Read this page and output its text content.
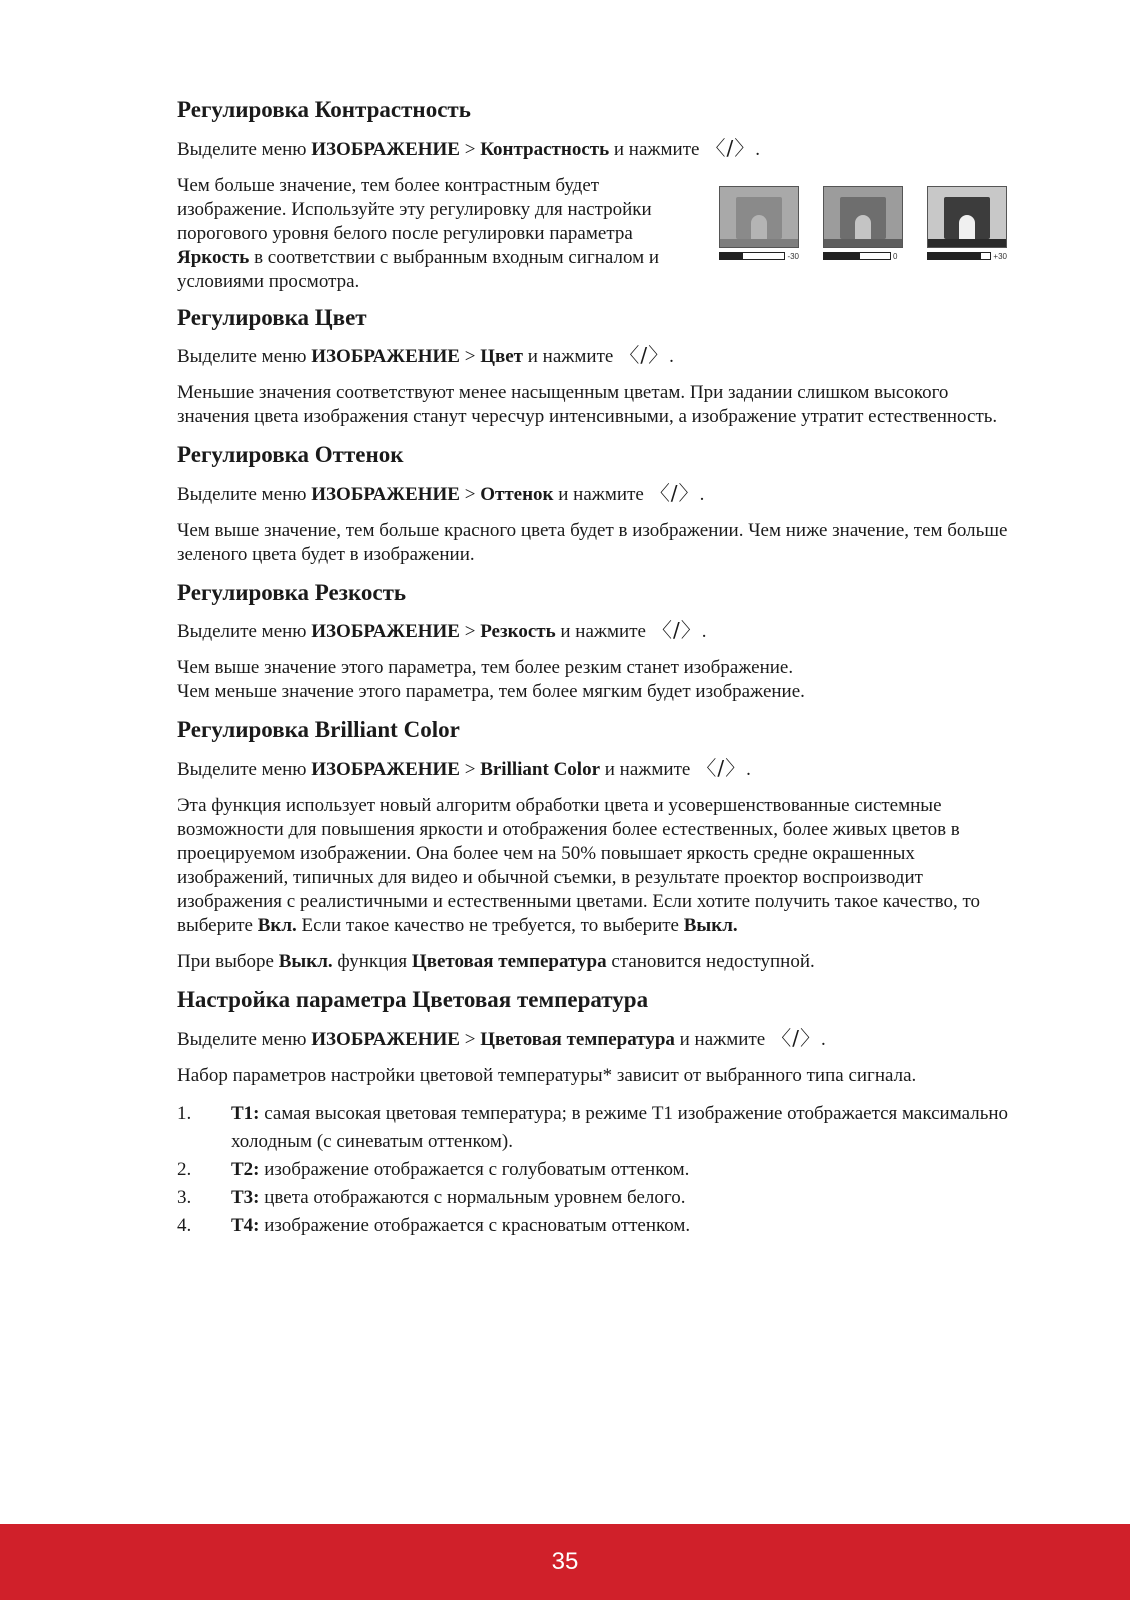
Регулировка Контрастность
Выделите меню ИЗОБРАЖЕНИЕ > Контрастность и нажмите 〈/〉.

Чем больше значение, тем более контрастным будет изображение. Используйте эту регулировку для настройки порогового уровня белого после регулировки параметра Яркость в соответствии с выбранным входным сигналом и условиями просмотра.

-30	0	+30
Регулировка Цвет
Выделите меню ИЗОБРАЖЕНИЕ > Цвет и нажмите 〈/〉.

Меньшие значения соответствуют менее насыщенным цветам. При задании слишком высокого значения цвета изображения станут чересчур интенсивными, а изображение утратит естественность.

Регулировка Оттенок
Выделите меню ИЗОБРАЖЕНИЕ > Оттенок и нажмите 〈/〉.

Чем выше значение, тем больше красного цвета будет в изображении. Чем ниже значение, тем больше зеленого цвета будет в изображении.

Регулировка Резкость
Выделите меню ИЗОБРАЖЕНИЕ > Резкость и нажмите 〈/〉.

Чем выше значение этого параметра, тем более резким станет изображение.
Чем меньше значение этого параметра, тем более мягким будет изображение.

Регулировка Brilliant Color
Выделите меню ИЗОБРАЖЕНИЕ > Brilliant Color и нажмите 〈/〉.

Эта функция использует новый алгоритм обработки цвета и усовершенствованные системные возможности для повышения яркости и отображения более естественных, более живых цветов в проецируемом изображении. Она более чем на 50% повышает яркость средне окрашенных изображений, типичных для видео и обычной съемки, в результате проектор воспроизводит изображения с реалистичными и естественными цветами. Если хотите получить такое качество, то выберите Вкл. Если такое качество не требуется, то выберите Выкл.

При выборе Выкл. функция Цветовая температура становится недоступной.

Настройка параметра Цветовая температура
Выделите меню ИЗОБРАЖЕНИЕ > Цветовая температура и нажмите 〈/〉.

Набор параметров настройки цветовой температуры* зависит от выбранного типа сигнала.

1.	T1: самая высокая цветовая температура; в режиме T1 изображение отображается максимально холодным (с синеватым оттенком).
2.	T2: изображение отображается с голубоватым оттенком.
3.	T3: цвета отображаются с нормальным уровнем белого.
4.	T4: изображение отображается с красноватым оттенком.
35
